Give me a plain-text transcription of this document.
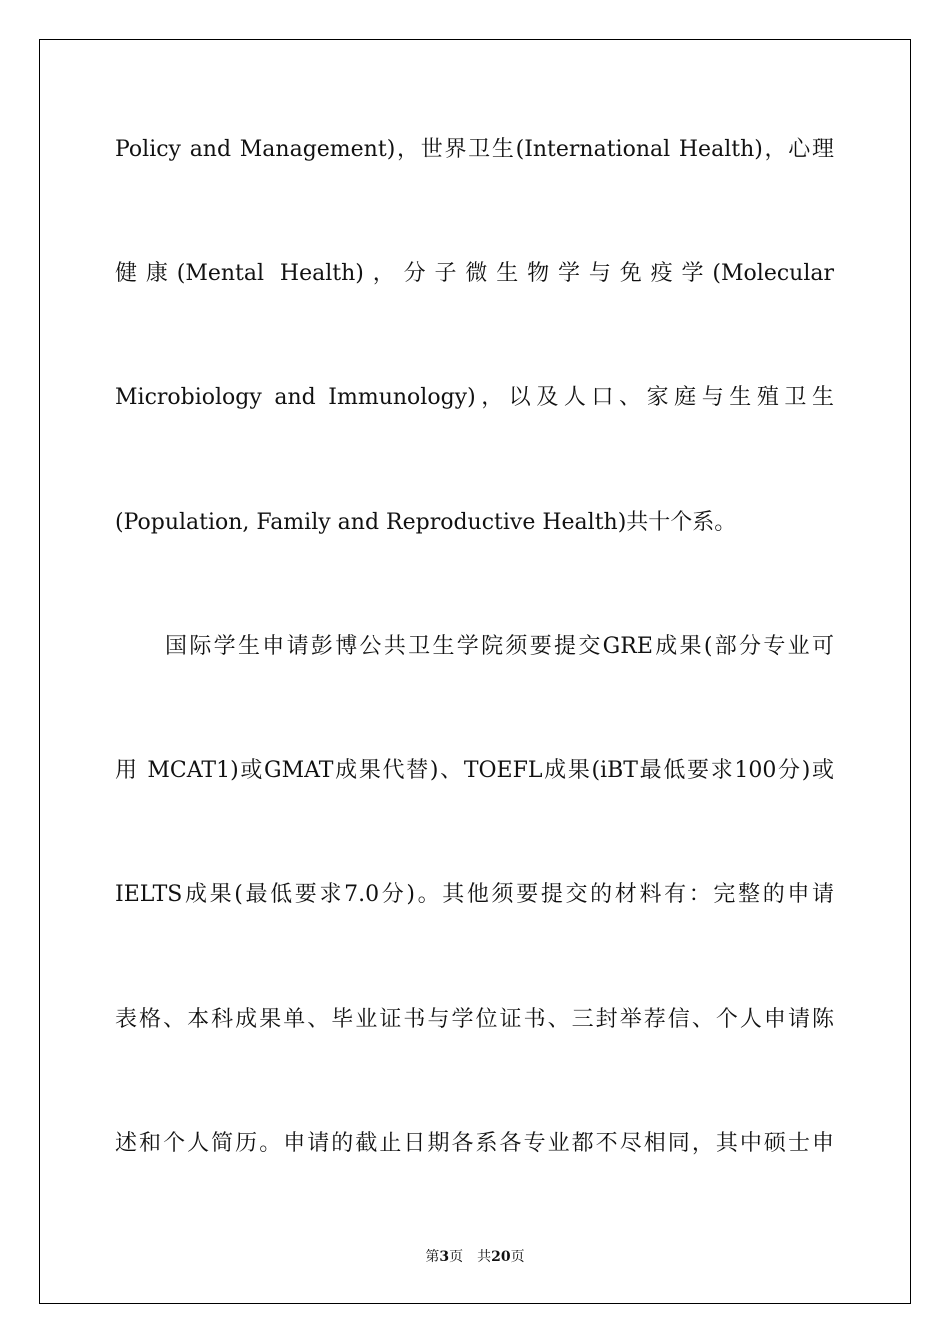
Policy and Management)，世界卫生(International Health)，心理
健康(Mental Health)，分子微生物学与免疫学(Molecular
Microbiology and Immunology)，以及人口、家庭与生殖卫生
(Population, Family and Reproductive Health)共十个系。
国际学生申请彭博公共卫生学院须要提交GRE成果(部分专业可
用 MCAT1)或GMAT成果代替)、TOEFL成果(iBT最低要求100分)或
IELTS成果(最低要求7.0分)。其他须要提交的材料有：完整的申请
表格、本科成果单、毕业证书与学位证书、三封举荐信、个人申请陈
述和个人简历。申请的截止日期各系各专业都不尽相同，其中硕士申
第3页 共20页
